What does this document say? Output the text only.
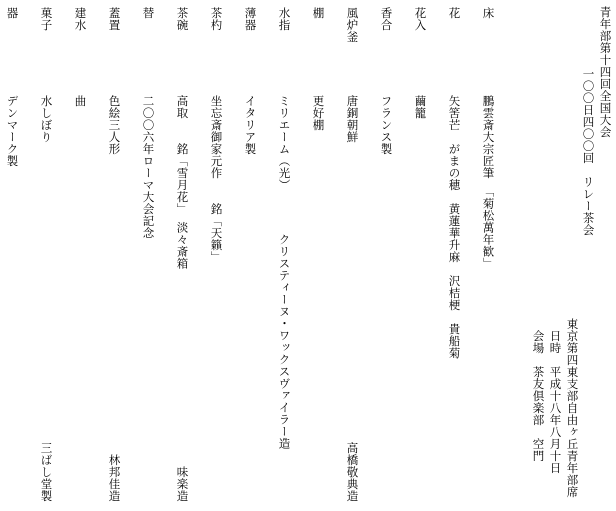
青年部第十四回全国大会
一〇〇日四〇〇回　リレー茶会
東京第四東支部自由ヶ丘青年部席
日時　平成十八年八月十日
会場　茶友倶楽部　空門
床鵬雲斎大宗匠筆　「菊松萬年歓」
花矢筈芒　がまの穂　黄蓮華升麻　沢桔梗　貴船菊
花入繭籠
香合フランス製
風炉釜唐銅朝鮮
高橋敬典造
棚更好棚
水指ミリエーム（光）　　　　クリスティーヌ・ワックスヴァイラー造
薄器イタリア製
茶杓坐忘斎御家元作　　銘「天籟」
茶碗高取　　銘「雪月花」　淡々斎箱
味楽造
替二〇〇六年ローマ大会記念
蓋置色絵三人形
林邦佳造
建水曲
菓子水しぼり
三ばし堂製
器デンマーク製
